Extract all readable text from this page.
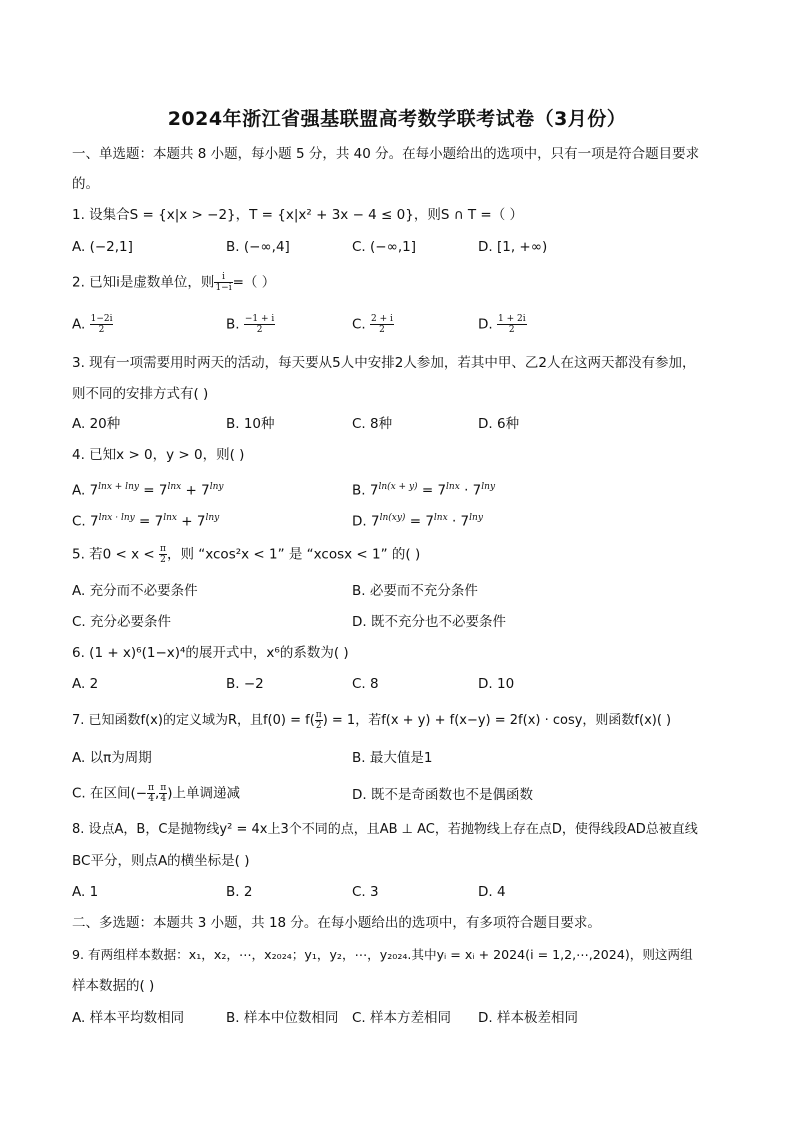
2024年浙江省强基联盟高考数学联考试卷（3月份）
一、单选题：本题共 8 小题，每小题 5 分，共 40 分。在每小题给出的选项中，只有一项是符合题目要求
的。
1. 设集合S = {x|x > −2}，T = {x|x² + 3x − 4 ≤ 0}，则S ∩ T =（ ）
A. (−2,1]	B. (−∞,4]	C. (−∞,1]	D. [1, +∞)
2. 已知i是虚数单位，则 $\frac{i}{1-i}$ =（ ）
A. $\frac{1-2i}{2}$	B. $\frac{-1 + i}{2}$	C. $\frac{2 + i}{2}$	D. $\frac{1 + 2i}{2}$
3. 现有一项需要用时两天的活动，每天要从5人中安排2人参加，若其中甲、乙2人在这两天都没有参加，
则不同的安排方式有( )
A. 20种	B. 10种	C. 8种	D. 6种
4. 已知x > 0，y > 0，则( )
A. $7^{lnx + lny} = 7^{lnx} + 7^{lny}$	B. $7^{ln(x + y)} = 7^{lnx} \cdot 7^{lny}$
C. $7^{lnx \cdot lny} = 7^{lnx} + 7^{lny}$	D. $7^{ln(xy)} = 7^{lnx} \cdot 7^{lny}$
5. 若$0 < x < \frac{\pi}{2}$ ，则 “xcos²x < 1” 是 “xcosx < 1” 的( )
A. 充分而不必要条件	B. 必要而不充分条件
C. 充分必要条件	D. 既不充分也不必要条件
6. (1 + x)⁶(1−x)⁴的展开式中，x⁶的系数为( )
A. 2	B. −2	C. 8	D. 10
7. 已知函数f(x)的定义域为R，且$f(0) = f( \frac{\pi}{2}$ ) = 1，若f(x + y) + f(x−y) = 2f(x) · cosy，则函数f(x)( )
A. 以π为周期	B. 最大值是1
C. 在区间(− $\frac{\pi}{4}$ , $\frac{\pi}{4}$ )上单调递减	D. 既不是奇函数也不是偶函数
8. 设点A，B，C是抛物线y² = 4x上3个不同的点，且AB ⊥ AC，若抛物线上存在点D，使得线段AD总被直线
BC平分，则点A的横坐标是( )
A. 1	B. 2	C. 3	D. 4
二、多选题：本题共 3 小题，共 18 分。在每小题给出的选项中，有多项符合题目要求。
9. 有两组样本数据：x₁，x₂，⋯，x₂₀₂₄；y₁，y₂，⋯，y₂₀₂₄.其中yᵢ = xᵢ + 2024(i = 1,2,⋯,2024)，则这两组
样本数据的( )
A. 样本平均数相同	B. 样本中位数相同 C. 样本方差相同 D. 样本极差相同
